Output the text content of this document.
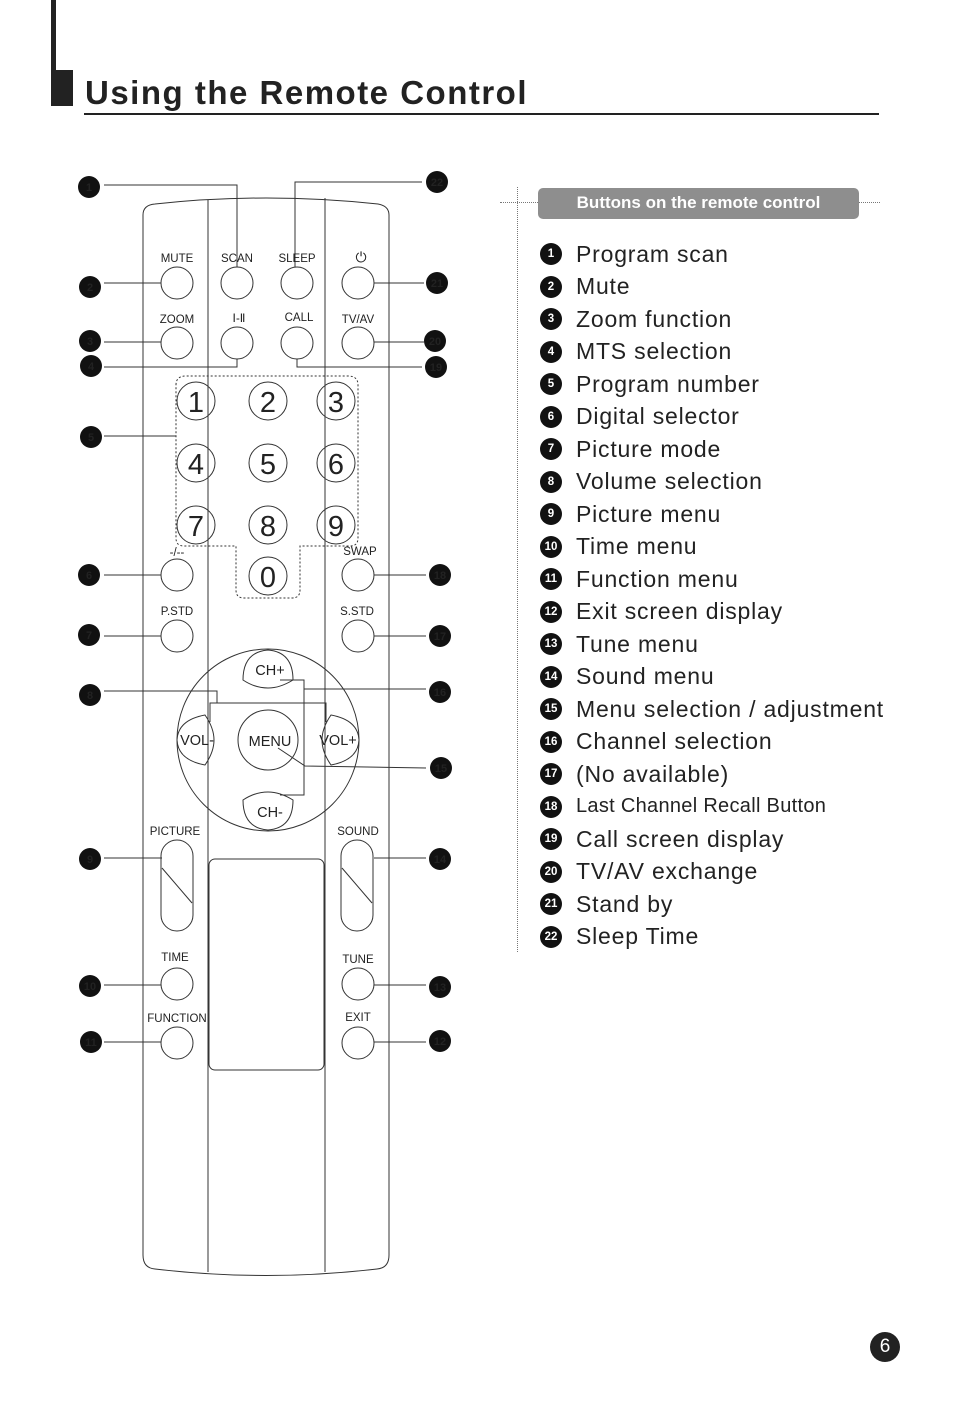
Using the Remote Control
MUTE SCAN SLEEP	⏻
ZOOM	Ⅰ-Ⅱ	CALL TV/AV
1 2 3
4 5 6
7 8 9
0
-/--	SWAP
P.STD	S.STD
CH+
CH-
VOL-	VOL+
MENU
PICTURE	SOUND
TIME	TUNE
FUNCTION	EXIT
1	22
2	21
3	20
4	19
5
6	18
7	17
8	16
15
9	14
10	13
11	12
Buttons on the remote control
1 Program scan
2 Mute
3 Zoom function
4 MTS selection
5 Program number
6 Digital selector
7 Picture mode
8 Volume selection
9 Picture menu
10 Time menu
11 Function menu
12 Exit screen display
13 Tune menu
14 Sound menu
15 Menu selection / adjustment
16 Channel selection
17 (No available)
18 Last Channel Recall Button
19 Call screen display
20 TV/AV exchange
21 Stand by
22 Sleep Time
6
